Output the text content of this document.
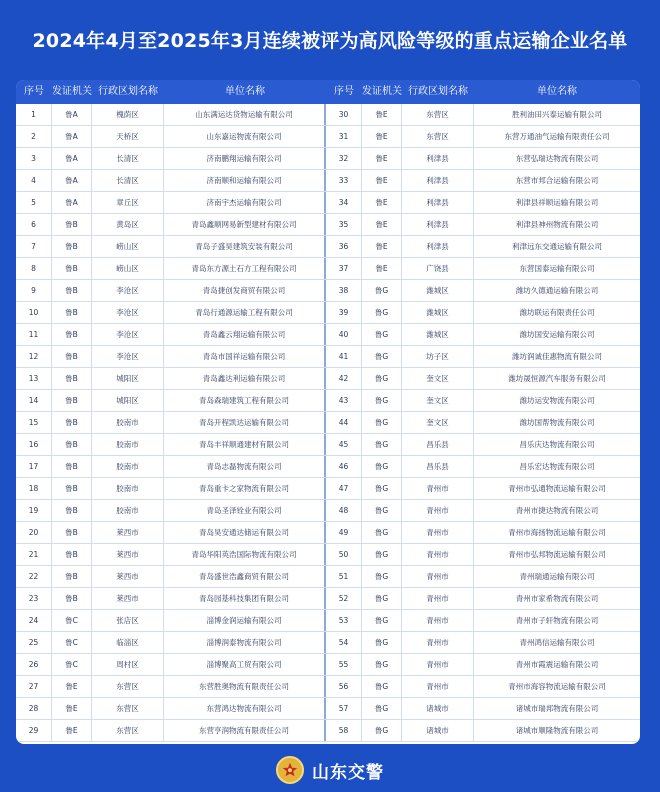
2024年4月至2025年3月连续被评为高风险等级的重点运输企业名单
序号 发证机关 行政区划名称	单位名称	序号 发证机关 行政区划名称	单位名称
1	鲁A	槐荫区	山东满运达货物运输有限公司	30	鲁E	东营区	胜利油田兴泰运输有限公司
2	鲁A	天桥区	山东嘉运物流有限公司	31	鲁E	东营区	东营万通油气运输有限责任公司
3	鲁A	长清区	济南鹏翔运输有限公司	32	鲁E	利津县	东营弘瑞达物流有限公司
4	鲁A	长清区	济南顺和运输有限公司	33	鲁E	利津县	东营市邦合运输有限公司
5	鲁A	章丘区	济南宇杰运输有限公司	34	鲁E	利津县	利津县祥顺运输有限公司
6	鲁B	黄岛区	青岛鑫顺网易新型建材有限公司	35	鲁E	利津县	利津县神州物流有限公司
7	鲁B	崂山区	青岛子盛昊建筑安装有限公司	36	鲁E	利津县	利津远东交通运输有限公司
8	鲁B	崂山区	青岛东方源土石方工程有限公司	37	鲁E	广饶县	东营国泰运输有限公司
9	鲁B	李沧区	青岛捷创发商贸有限公司	38	鲁G	潍城区	潍坊久德通运输有限公司
10	鲁B	李沧区	青岛行通源运输工程有限公司	39	鲁G	潍城区	潍坊联运有限责任公司
11	鲁B	李沧区	青岛鑫云翔运输有限公司	40	鲁G	潍城区	潍坊国安运输有限公司
12	鲁B	李沧区	青岛市国祥运输有限公司	41	鲁G	坊子区	潍坊润诚佳惠物流有限公司
13	鲁B	城阳区	青岛鑫达利运输有限公司	42	鲁G	奎文区	潍坊晟恒源汽车服务有限公司
14	鲁B	城阳区	青岛森瑞建筑工程有限公司	43	鲁G	奎文区	潍坊运安物流有限公司
15	鲁B	胶南市	青岛开程凯达运输有限公司	44	鲁G	奎文区	潍坊国帮物流有限公司
16	鲁B	胶南市	青岛丰祥顺通建材有限公司	45	鲁G	昌乐县	昌乐庆达物流有限公司
17	鲁B	胶南市	青岛志磊物流有限公司	46	鲁G	昌乐县	昌乐宏达物流有限公司
18	鲁B	胶南市	青岛重卡之家物流有限公司	47	鲁G	青州市	青州市弘通物流运输有限公司
19	鲁B	胶南市	青岛圣泽铨业有限公司	48	鲁G	青州市	青州市捷达物流有限公司
20	鲁B	莱西市	青岛昊安通达储运有限公司	49	鲁G	青州市	青州市海扬物流运输有限公司
21	鲁B	莱西市	青岛华阳英浩国际物流有限公司	50	鲁G	青州市	青州市弘邦物流运输有限公司
22	鲁B	莱西市	青岛盛世浩鑫商贸有限公司	51	鲁G	青州市	青州瑞通运输有限公司
23	鲁B	莱西市	青岛园基科技集团有限公司	52	鲁G	青州市	青州市家希物流有限公司
24	鲁C	张店区	淄博金润运输有限公司	53	鲁G	青州市	青州市子轩物流有限公司
25	鲁C	临淄区	淄博润泰物流有限公司	54	鲁G	青州市	青州鸿信运输有限公司
26	鲁C	周村区	淄博聚高工贸有限公司	55	鲁G	青州市	青州市霞震运输有限公司
27	鲁E	东营区	东营胜奥物流有限责任公司	56	鲁G	青州市	青州市海容物流运输有限公司
28	鲁E	东营区	东营鸿达物流有限公司	57	鲁G	诸城市	诸城市瑞邦物流有限公司
29	鲁E	东营区	东营亨润物流有限责任公司	58	鲁G	诸城市	诸城市顺隆物流有限公司
山东交警
